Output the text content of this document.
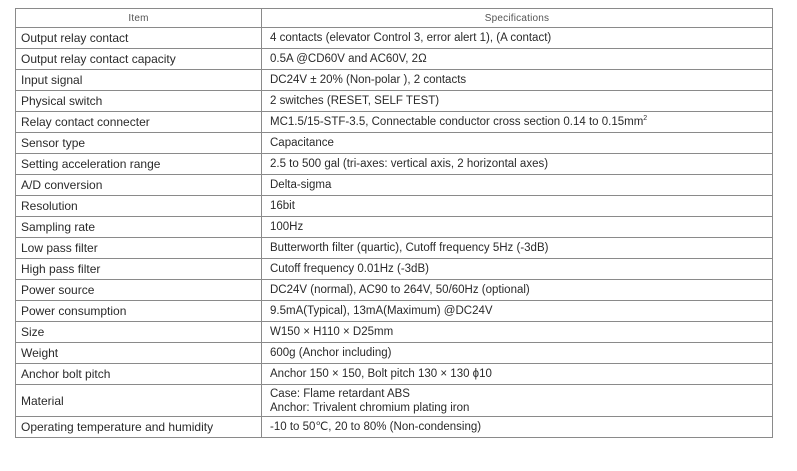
Item	Specifications
Output relay contact	4 contacts (elevator Control 3, error alert 1), (A contact)
Output relay contact capacity	0.5A @CD60V and AC60V, 2Ω
Input signal	DC24V ± 20% (Non-polar ), 2 contacts
Physical switch	2 switches (RESET, SELF TEST)
Relay contact connecter	MC1.5/15-STF-3.5, Connectable conductor cross section 0.14 to $0.15mm^2$
Sensor type	Capacitance
Setting acceleration range	2.5 to 500 gal (tri-axes: vertical axis, 2 horizontal axes)
A/D conversion	Delta-sigma
Resolution	16bit
Sampling rate	100Hz
Low pass filter	Butterworth filter (quartic), Cutoff frequency 5Hz (-3dB)
High pass filter	Cutoff frequency 0.01Hz (-3dB)
Power source	DC24V (normal), AC90 to 264V, 50/60Hz (optional)
Power consumption	9.5mA(Typical), 13mA(Maximum) @DC24V
Size	W150 × H110 × D25mm
Weight	600g (Anchor including)
Anchor bolt pitch	Anchor 150 × 150, Bolt pitch 130 × 130 ϕ10
Material	Case: Flame retardant ABS
Anchor: Trivalent chromium plating iron

Operating temperature and humidity	-10 to 50℃, 20 to 80% (Non-condensing)
